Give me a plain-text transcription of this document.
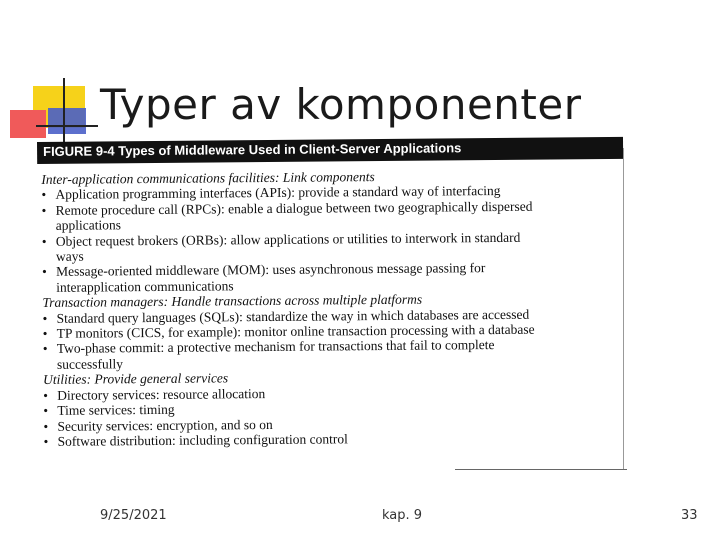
Typer av komponenter
FIGURE 9-4 Types of Middleware Used in Client-Server Applications
Inter-application communications facilities: Link components
• Application programming interfaces (APIs): provide a standard way of interfacing
• Remote procedure call (RPCs): enable a dialogue between two geographically dispersed
applications
• Object request brokers (ORBs): allow applications or utilities to interwork in standard
ways
• Message-oriented middleware (MOM): uses asynchronous message passing for
interapplication communications
Transaction managers: Handle transactions across multiple platforms
• Standard query languages (SQLs): standardize the way in which databases are accessed
• TP monitors (CICS, for example): monitor online transaction processing with a database
• Two-phase commit: a protective mechanism for transactions that fail to complete
successfully
Utilities: Provide general services
• Directory services: resource allocation
• Time services: timing
• Security services: encryption, and so on
• Software distribution: including configuration control
9/25/2021	kap. 9	33
